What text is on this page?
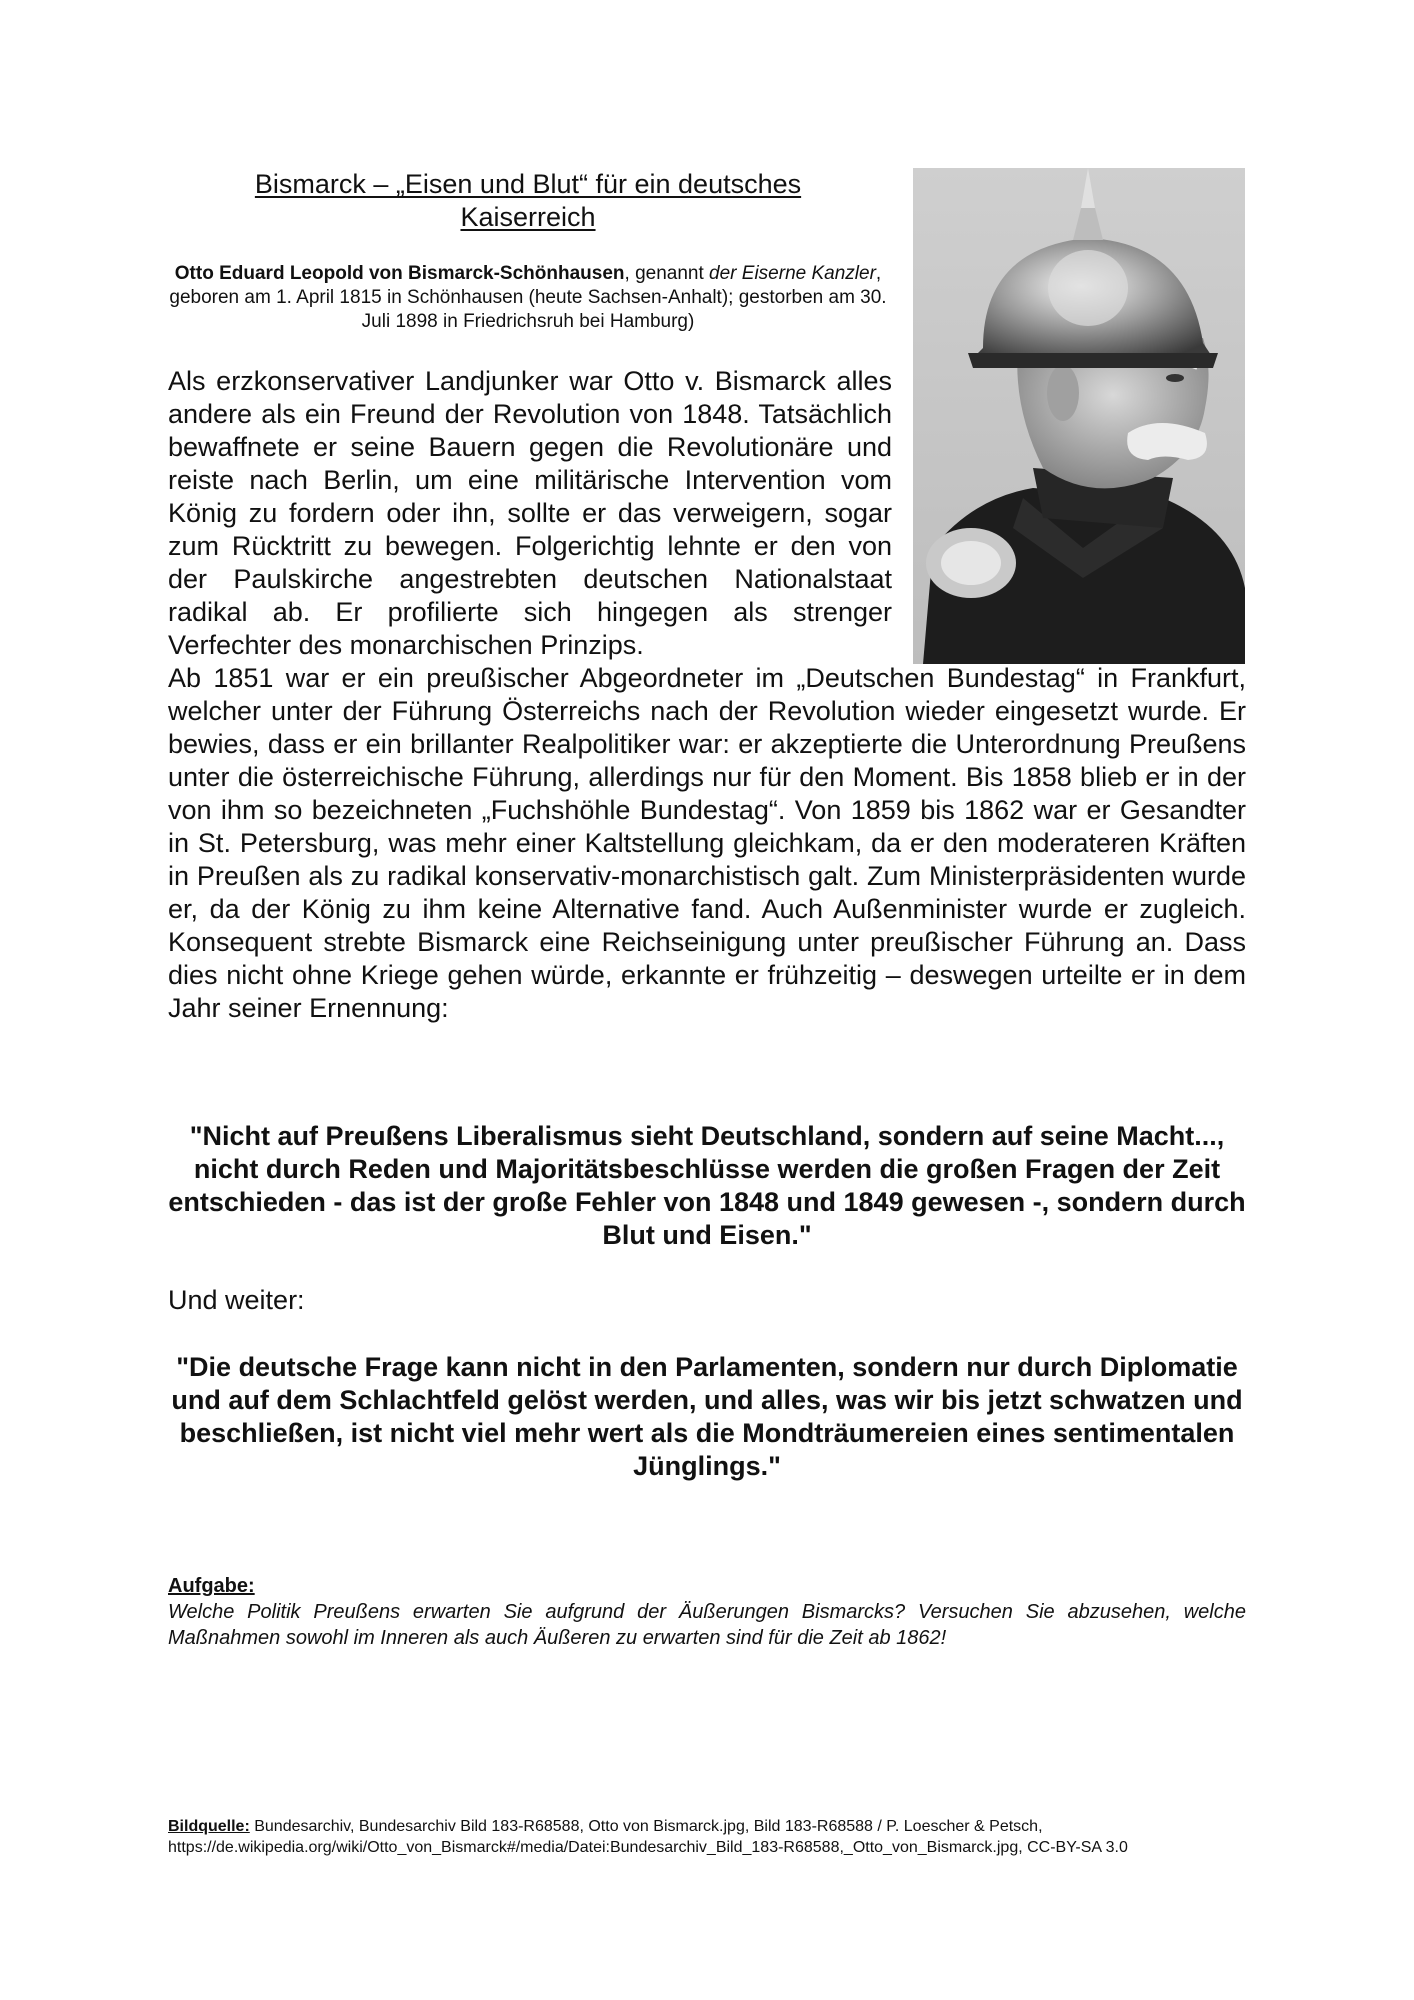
Bismarck – „Eisen und Blut“ für ein deutsches
Kaiserreich
Otto Eduard Leopold von Bismarck-Schönhausen, genannt der Eiserne Kanzler, geboren am 1. April 1815 in Schönhausen (heute Sachsen-Anhalt); gestorben am 30. Juli 1898 in Friedrichsruh bei Hamburg)

Als erzkonservativer Landjunker war Otto v. Bismarck alles andere als ein Freund der Revolution von 1848. Tatsächlich bewaffnete er seine Bauern gegen die Revolutionäre und reiste nach Berlin, um eine militärische Intervention vom König zu fordern oder ihn, sollte er das verweigern, sogar zum Rücktritt zu bewegen. Folgerichtig lehnte er den von der Paulskirche angestrebten deutschen Nationalstaat radikal ab. Er profilierte sich hingegen als strenger Verfechter des monarchischen Prinzips.

Ab 1851 war er ein preußischer Abgeordneter im „Deutschen Bundestag“ in Frankfurt, welcher unter der Führung Österreichs nach der Revolution wieder eingesetzt wurde. Er bewies, dass er ein brillanter Realpolitiker war: er akzeptierte die Unterordnung Preußens unter die österreichische Führung, allerdings nur für den Moment. Bis 1858 blieb er in der von ihm so bezeichneten „Fuchshöhle Bundestag“. Von 1859 bis 1862 war er Gesandter in St. Petersburg, was mehr einer Kaltstellung gleichkam, da er den moderateren Kräften in Preußen als zu radikal konservativ-monarchistisch galt. Zum Ministerpräsidenten wurde er, da der König zu ihm keine Alternative fand. Auch Außenminister wurde er zugleich. Konsequent strebte Bismarck eine Reichseinigung unter preußischer Führung an. Dass dies nicht ohne Kriege gehen würde, erkannte er frühzeitig – deswegen urteilte er in dem Jahr seiner Ernennung:

"Nicht auf Preußens Liberalismus sieht Deutschland, sondern auf seine Macht..., nicht durch Reden und Majoritätsbeschlüsse werden die großen Fragen der Zeit entschieden - das ist der große Fehler von 1848 und 1849 gewesen -, sondern durch Blut und Eisen."
Und weiter:
"Die deutsche Frage kann nicht in den Parlamenten, sondern nur durch Diplomatie und auf dem Schlachtfeld gelöst werden, und alles, was wir bis jetzt schwatzen und beschließen, ist nicht viel mehr wert als die Mondträumereien eines sentimentalen Jünglings."
Aufgabe:
Welche Politik Preußens erwarten Sie aufgrund der Äußerungen Bismarcks? Versuchen Sie abzusehen, welche Maßnahmen sowohl im Inneren als auch Äußeren zu erwarten sind für die Zeit ab 1862!
Bildquelle: Bundesarchiv, Bundesarchiv Bild 183-R68588, Otto von Bismarck.jpg, Bild 183-R68588 / P. Loescher & Petsch, https://de.wikipedia.org/wiki/Otto_von_Bismarck#/media/Datei:Bundesarchiv_Bild_183-R68588,_Otto_von_Bismarck.jpg, CC-BY-SA 3.0
